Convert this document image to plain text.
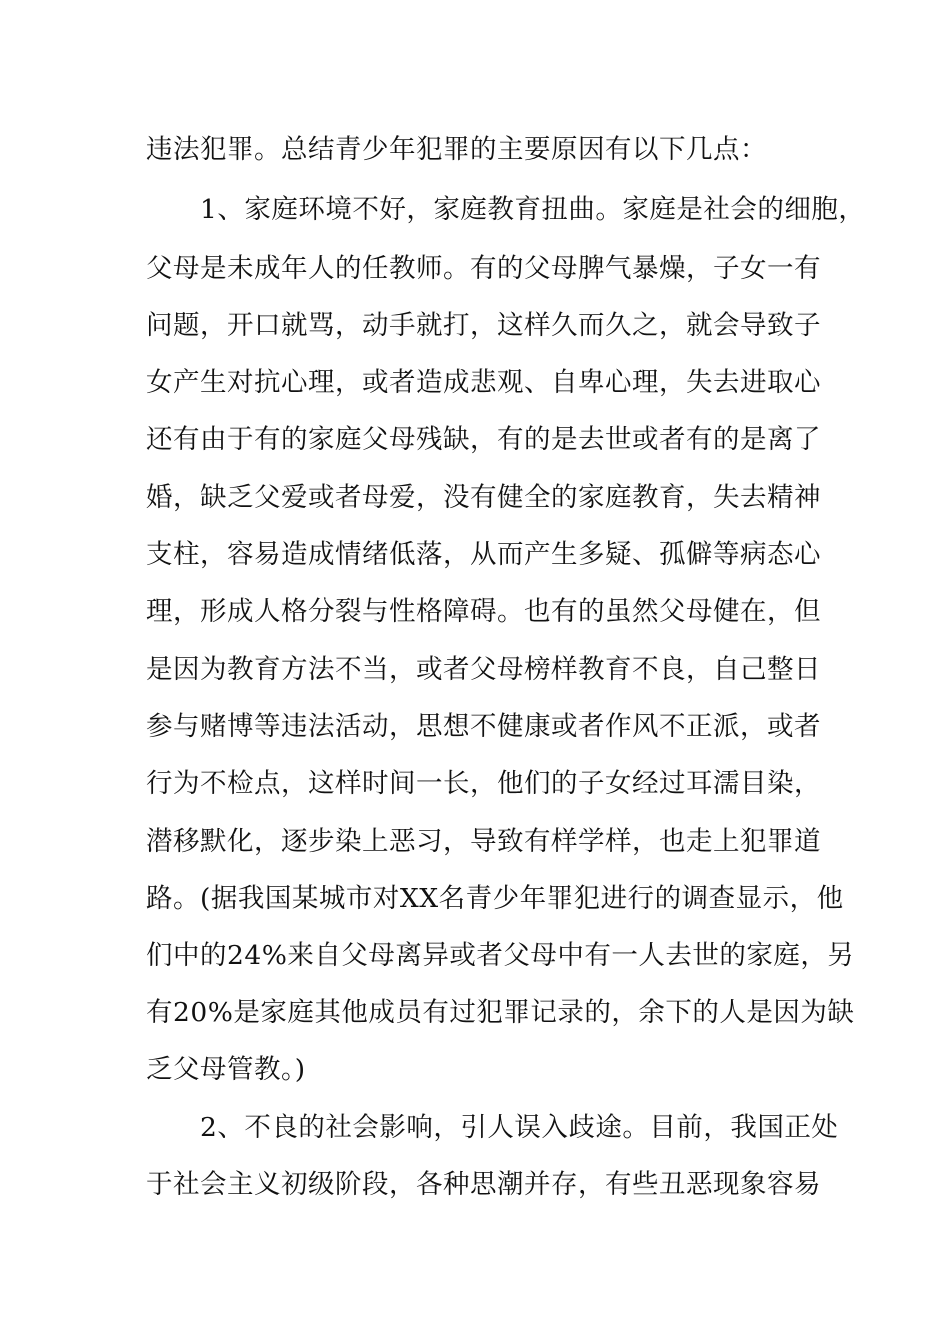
违法犯罪。总结青少年犯罪的主要原因有以下几点：
　　1、家庭环境不好，家庭教育扭曲。家庭是社会的细胞，
父母是未成年人的任教师。有的父母脾气暴燥，子女一有
问题，开口就骂，动手就打，这样久而久之，就会导致子
女产生对抗心理，或者造成悲观、自卑心理，失去进取心
还有由于有的家庭父母残缺，有的是去世或者有的是离了
婚，缺乏父爱或者母爱，没有健全的家庭教育，失去精神
支柱，容易造成情绪低落，从而产生多疑、孤僻等病态心
理，形成人格分裂与性格障碍。也有的虽然父母健在，但
是因为教育方法不当，或者父母榜样教育不良，自己整日
参与赌博等违法活动，思想不健康或者作风不正派，或者
行为不检点，这样时间一长，他们的子女经过耳濡目染，
潜移默化，逐步染上恶习，导致有样学样，也走上犯罪道
路。(据我国某城市对XX名青少年罪犯进行的调查显示，他
们中的24%来自父母离异或者父母中有一人去世的家庭，另
有20%是家庭其他成员有过犯罪记录的，余下的人是因为缺
乏父母管教。)
　　2、不良的社会影响，引人误入歧途。目前，我国正处
于社会主义初级阶段，各种思潮并存，有些丑恶现象容易
